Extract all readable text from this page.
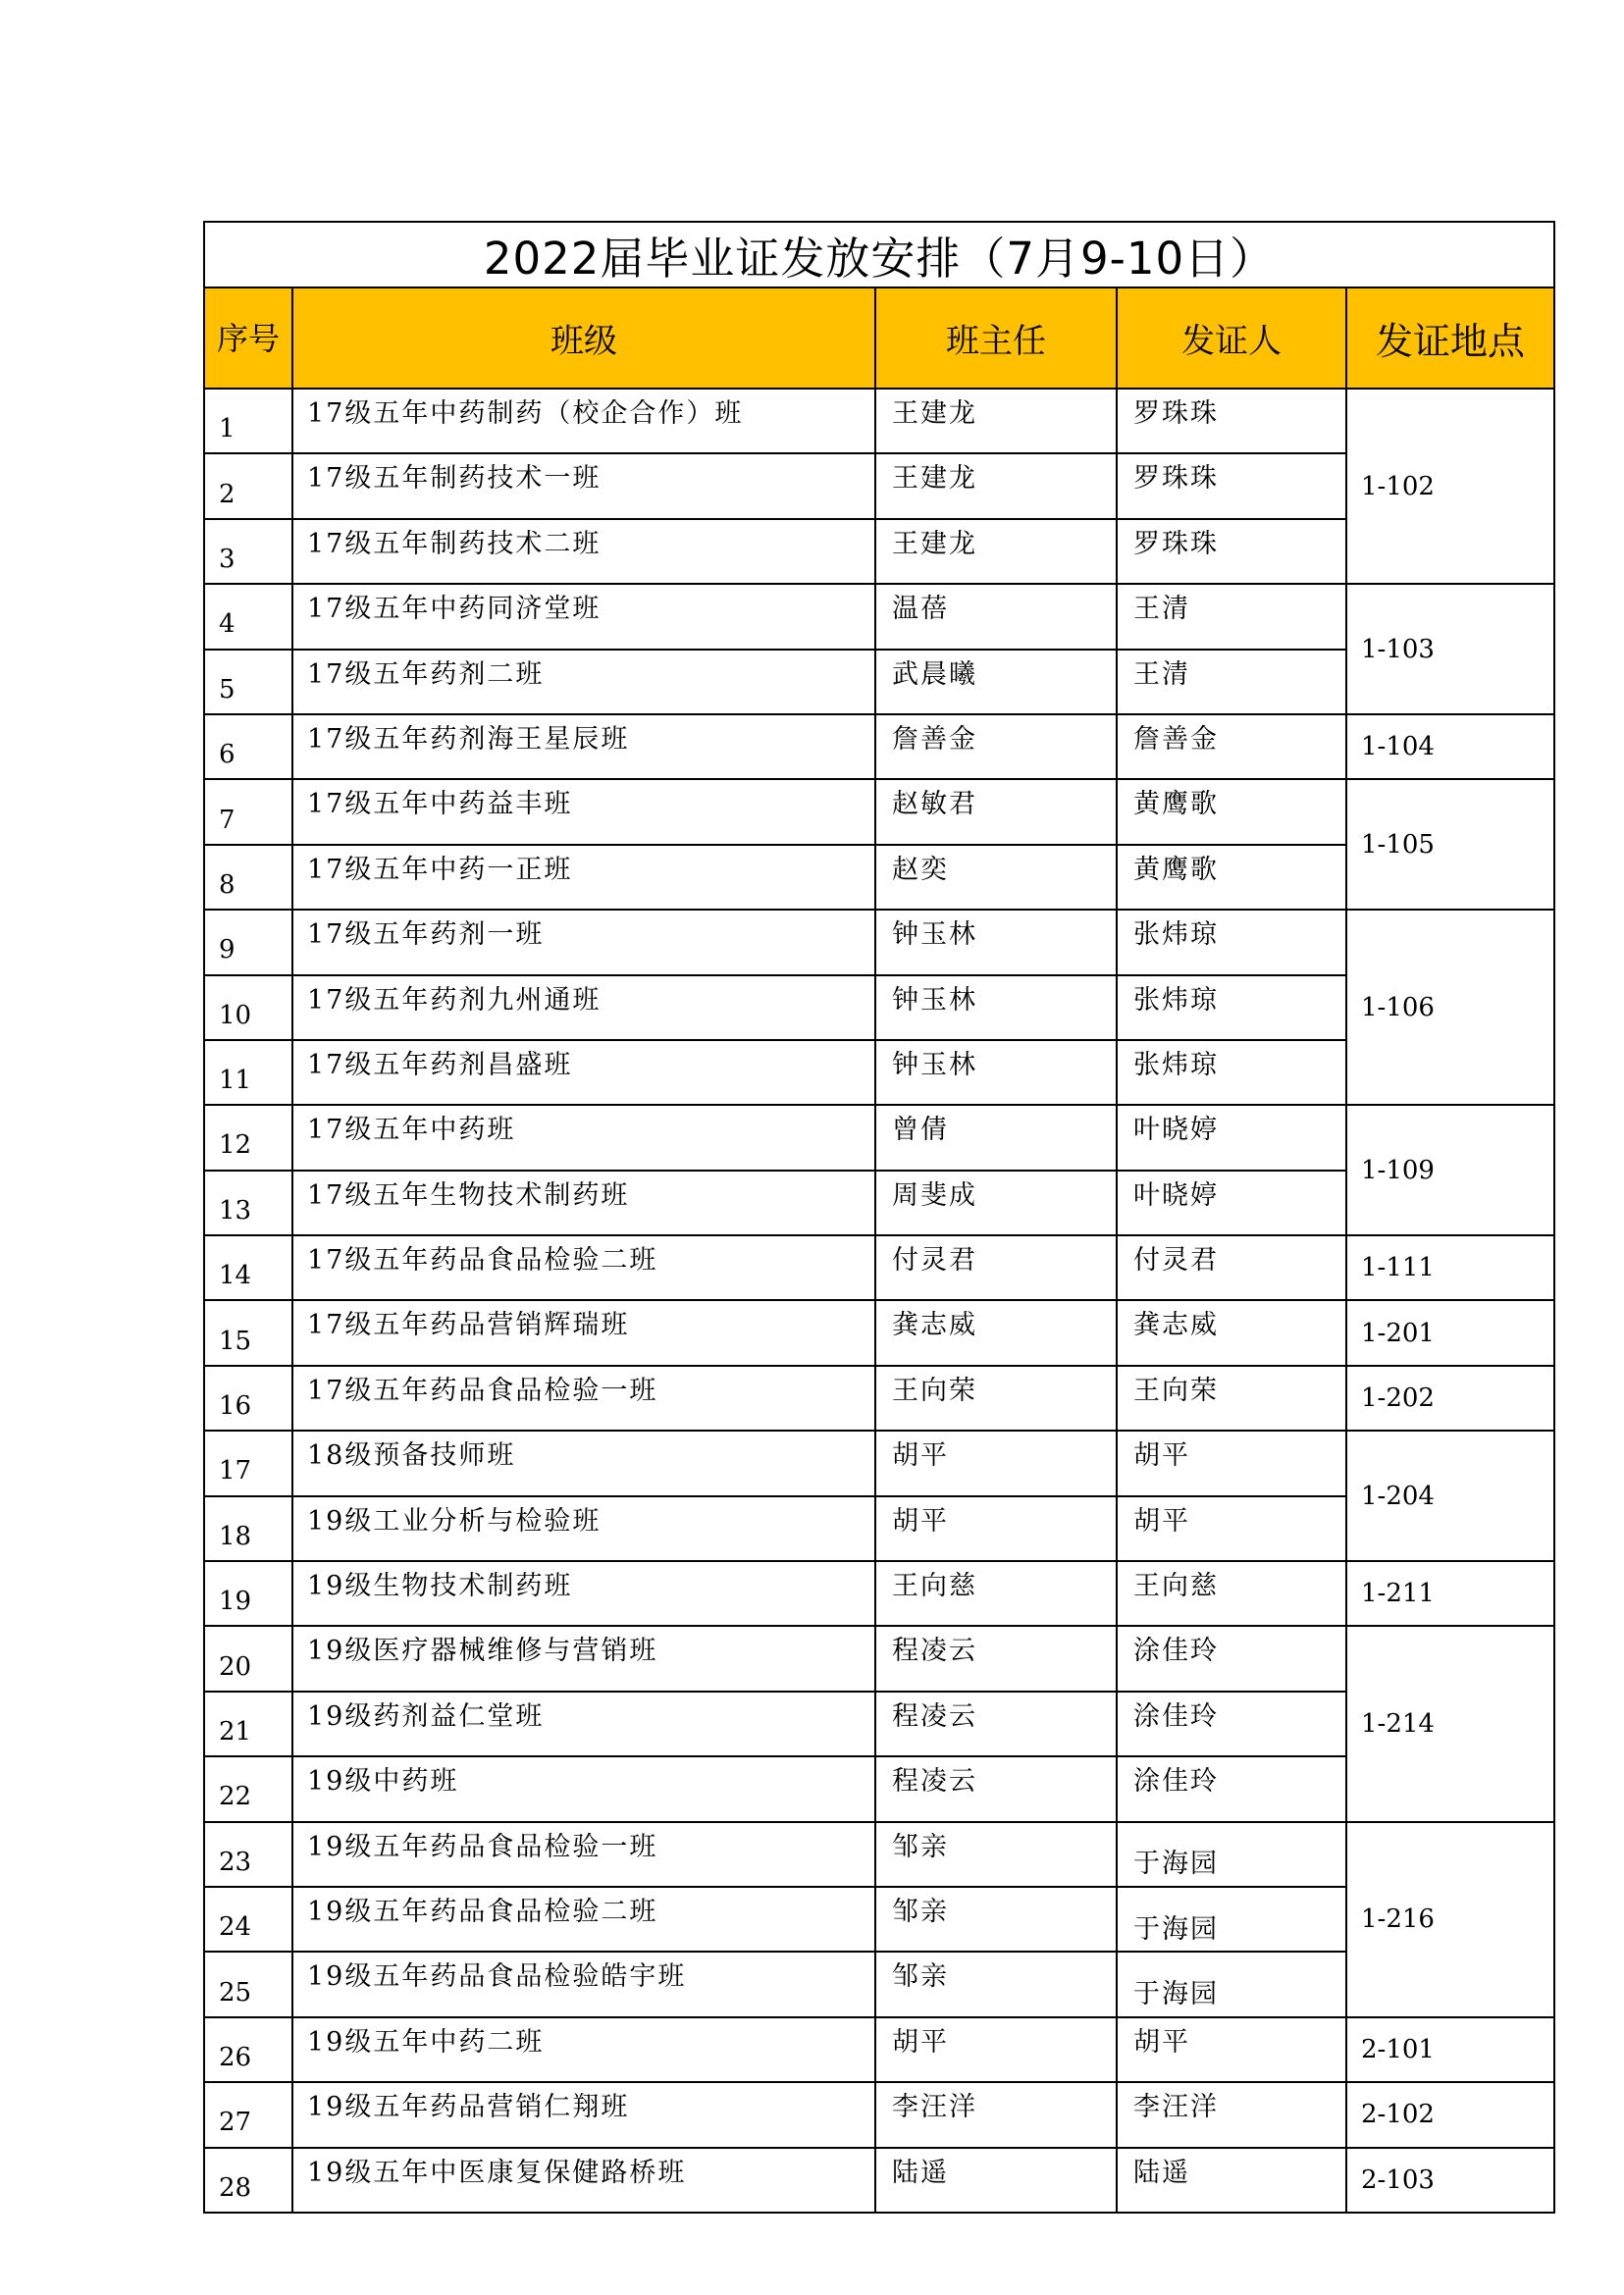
2022届毕业证发放安排（7月9-10日）				
序号	班级	班主任	发证人	发证地点
1	17级五年中药制药（校企合作）班	王建龙	罗珠珠	1-102
2	17级五年制药技术一班	王建龙	罗珠珠	
3	17级五年制药技术二班	王建龙	罗珠珠	
4	17级五年中药同济堂班	温蓓	王清	1-103
5	17级五年药剂二班	武晨曦	王清	
6	17级五年药剂海王星辰班	詹善金	詹善金	1-104
7	17级五年中药益丰班	赵敏君	黄鹰歌	1-105
8	17级五年中药一正班	赵奕	黄鹰歌	
9	17级五年药剂一班	钟玉林	张炜琼	1-106
10	17级五年药剂九州通班	钟玉林	张炜琼	
11	17级五年药剂昌盛班	钟玉林	张炜琼	
12	17级五年中药班	曾倩	叶晓婷	1-109
13	17级五年生物技术制药班	周斐成	叶晓婷	
14	17级五年药品食品检验二班	付灵君	付灵君	1-111
15	17级五年药品营销辉瑞班	龚志威	龚志威	1-201
16	17级五年药品食品检验一班	王向荣	王向荣	1-202
17	18级预备技师班	胡平	胡平	1-204
18	19级工业分析与检验班	胡平	胡平	
19	19级生物技术制药班	王向慈	王向慈	1-211
20	19级医疗器械维修与营销班	程凌云	涂佳玲	1-214
21	19级药剂益仁堂班	程凌云	涂佳玲	
22	19级中药班	程凌云	涂佳玲	
23	19级五年药品食品检验一班	邹亲	于海园	1-216
24	19级五年药品食品检验二班	邹亲	于海园	
25	19级五年药品食品检验皓宇班	邹亲	于海园	
26	19级五年中药二班	胡平	胡平	2-101
27	19级五年药品营销仁翔班	李汪洋	李汪洋	2-102
28	19级五年中医康复保健路桥班	陆遥	陆遥	2-103
